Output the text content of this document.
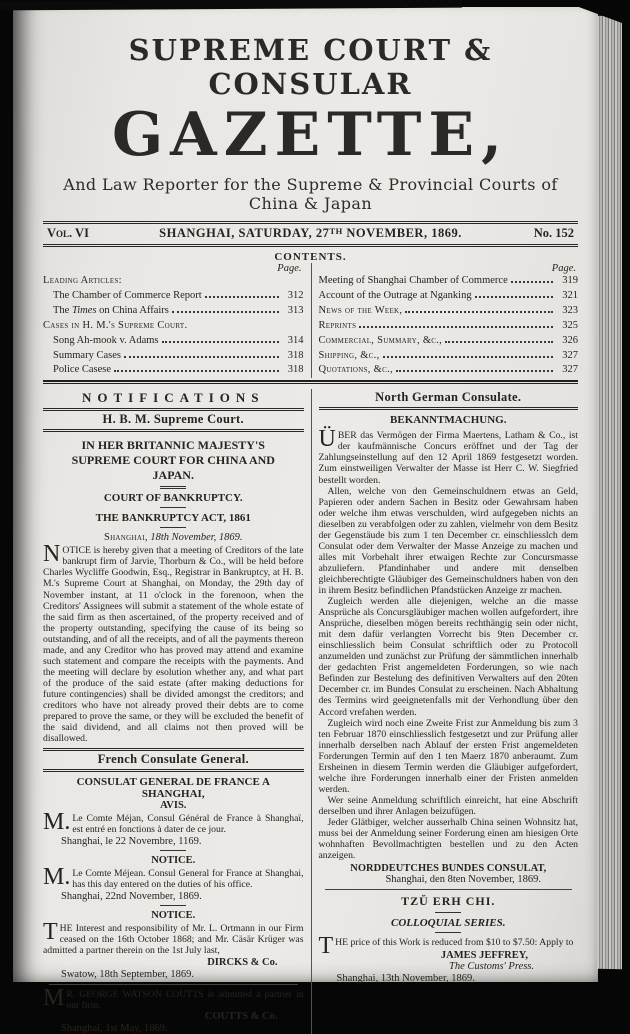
SUPREME COURT & CONSULAR
GAZETTE,
And Law Reporter for the Supreme & Provincial Courts of China & Japan
Vol. VI	SHANGHAI, SATURDAY, 27TH NOVEMBER, 1869.	No. 152
CONTENTS.
Page.
Leading Articles:
The Chamber of Commerce Report	312
The Times on China Affairs	313
Cases in H. M.'s Supreme Court.
Song Ah-mook v. Adams	314
Summary Cases	318
Police Casese	318
Page.
Meeting of Shanghai Chamber of Commerce	319
Account of the Outrage at Nganking	321
News of the Week,	323
Reprints	325
Commercial, Summary, &c.,	326
Shipping, &c.,	327
Quotations, &c.,	327
NOTIFICATIONS
H. B. M. Supreme Court.
IN HER BRITANNIC MAJESTY'S SUPREME COURT FOR CHINA AND JAPAN.
COURT OF BANKRUPTCY.
THE BANKRUPTCY ACT, 1861
Shanghai, 18th November, 1869.
NOTICE is hereby given that a meeting of Creditors of the late bankrupt firm of Jarvie, Thorburn & Co., will be held before Charles Wycliffe Goodwin, Esq., Registrar in Bankruptcy, at H. B. M.'s Supreme Court at Shanghai, on Monday, the 29th day of November instant, at 11 o'clock in the forenoon, when the Creditors' Assignees will submit a statement of the whole estate of the said firm as then ascertained, of the property received and of the property outstanding, specifying the cause of its being so outstanding, and of all the receipts, and of all the payments thereon made, and any Creditor who has proved may attend and examine such statement and compare the receipts with the payments. And the meeting will declare by esolution whether any, and what part of the produce of the said estate (after making deductions for future contingencies) shall be divided amongst the creditors; and creditors who have not already proved their debts are to come prepared to prove the same, or they will be excluded the benefit of the said dividend, and all claims not then proved will be disallowed.
French Consulate General.
CONSULAT GENERAL DE FRANCE A SHANGHAI,
AVIS.
M. Le Comte Méjan, Consul Général de France à Shanghaï, est entré en fonctions à dater de ce jour.
Shanghai, le 22 Novembre, 1169.
NOTICE.
M. Le Comte Méjean. Consul General for France at Shanghai, has this day entered on the duties of his office.
Shanghai, 22nd November, 1869.
NOTICE.
THE Interest and responsibility of Mr. L. Ortmann in our Firm ceased on the 16th October 1868; and Mr. Cäsär Krüger was admitted a partner therein on the 1st July last,
DIRCKS & Co.
Swatow, 18th September, 1869.
M R. GEORGE WATSON COUTTS is admitted a partner in our firm.
COUTTS & Co.
Shanghai, 1st May, 1869.
North German Consulate.
BEKANNTMACHUNG.

ÜBER das Vermögen der Firma Maertens, Latham & Co., ist der kaufmännische Concurs eröffnet und der Tag der Zahlungseinstellung auf den 12 April 1869 festgesetzt worden. Zum einstweiligen Verwalter der Masse ist Herr C. W. Siegfried bestellt worden.

Allen, welche von den Gemeinschuldnern etwas an Geld, Papieren oder andern Sachen in Besitz oder Gewahrsam haben oder welche ihm etwas verschulden, wird aufgegeben nichts an dieselben zu verabfolgen oder zu zahlen, vielmehr von dem Besitz der Gegenstäude bis zum 1 ten December cr. einschliesslch dem Consulat oder dem Verwalter der Masse Anzeige zu machen und alles mit Vorbehalt ihrer etwaigen Rechte zur Concursmasse abzuliefern. Pfandinhaber und andere mit denselben gleichberechtigte Gläubiger des Gemeinschuldners haben von den in ihrem Besitz befindlichen Pfandstücken Anzeige zr machen.

Zugleich werden alle diejenigen, welche an die masse Ansprüche als Concursgläubiger machen wollen aufgefordert, ihre Ansprüche, dieselben mögen bereits rechthängig sein oder nicht, mit dem dafür verlangten Vorrecht bis 9ten December cr. einschliesslich beim Consulat schriftlich oder zu Protocoll anzumelden und zunächst zur Prüfung der sämmtlichen innerhalb der gedachten Frist angemeldeten Forderungen, so wie nach Befinden zur Bestelung des definitiven Verwalters auf den 20ten December cr. im Bundes Consulat zu erscheinen. Nach Abhaltung des Termins wird geeignetenfalls mit der Verhondlung über den Accord vrefahen werden.

Zugleich wird noch eine Zweite Frist zur Anmeldung bis zum 3 ten Februar 1870 einschliesslich festgesetzt und zur Prüfung aller innerhalb derselben nach Ablauf der ersten Frist angemeldeten Forderungen Termin auf den 1 ten Maerz 1870 anberaumt. Zum Ersheinen in diesem Termin werden die Gläubiger aufgefordert, welche ihre Forderungen innerhalb einer der Fristen anmelden werden.

Wer seine Anmeldung schriftlich einreicht, hat eine Abschrift derselben und ihrer Anlagen beizufügen.

Jeder Glätbiger, welcher ausserhalb China seinen Wohnsitz hat, muss bei der Anmeldung seiner Forderung einen am hiesigen Orte wohnhaften Bevollmachtigten bestellen und zu den Acten anzeigen.

NORDDEUTCHES BUNDES CONSULAT,
Shanghai, den 8ten November, 1869.
TZŬ ERH CHI.
COLLOQUIAL SERIES.
THE price of this Work is reduced from $10 to $7.50: Apply to
JAMES JEFFREY,
The Customs' Press.
Shanghai, 13th November, 1869.
